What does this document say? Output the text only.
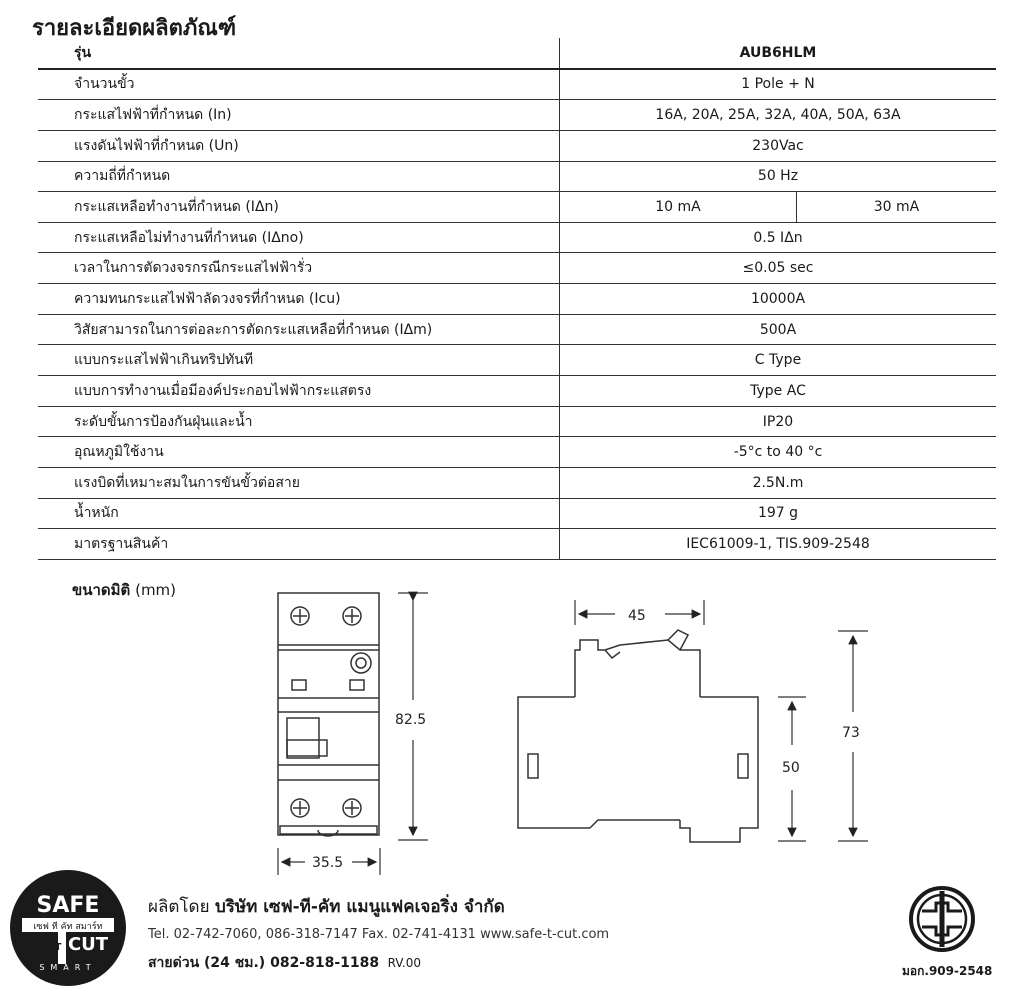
รายละเอียดผลิตภัณฑ์
รุ่น	AUB6HLM	
จำนวนขั้ว	1 Pole + N	
กระแสไฟฟ้าที่กำหนด (In)	16A, 20A, 25A, 32A, 40A, 50A, 63A	
แรงดันไฟฟ้าที่กำหนด (Un)	230Vac	
ความถี่ที่กำหนด	50 Hz	
กระแสเหลือทำงานที่กำหนด (IΔn)	10 mA	30 mA
กระแสเหลือไม่ทำงานที่กำหนด (IΔno)	0.5 IΔn	
เวลาในการตัดวงจรกรณีกระแสไฟฟ้ารั่ว	≤0.05 sec	
ความทนกระแสไฟฟ้าลัดวงจรที่กำหนด (Icu)	10000A	
วิสัยสามารถในการต่อละการตัดกระแสเหลือที่กำหนด (IΔm)	500A	
แบบกระแสไฟฟ้าเกินทริปทันที	C Type	
แบบการทำงานเมื่อมีองค์ประกอบไฟฟ้ากระแสตรง	Type AC	
ระดับขั้นการป้องกันฝุ่นและน้ำ	IP20	
อุณหภูมิใช้งาน	-5°c to 40 °c	
แรงบิดที่เหมาะสมในการขันขั้วต่อสาย	2.5N.m	
น้ำหนัก	197 g	
มาตรฐานสินค้า	IEC61009-1, TIS.909-2548	
ขนาดมิติ (mm)
82.5
35.5
45
50
73
SAFE
เซฟ ที คัท สมาร์ท
T CUT
SMART
ผลิตโดย บริษัท เซฟ-ที-คัท แมนูแฟคเจอริ่ง จำกัด
Tel. 02-742-7060, 086-318-7147 Fax. 02-741-4131 www.safe-t-cut.com
สายด่วน (24 ชม.) 082-818-1188 RV.00
มอก.909-2548
